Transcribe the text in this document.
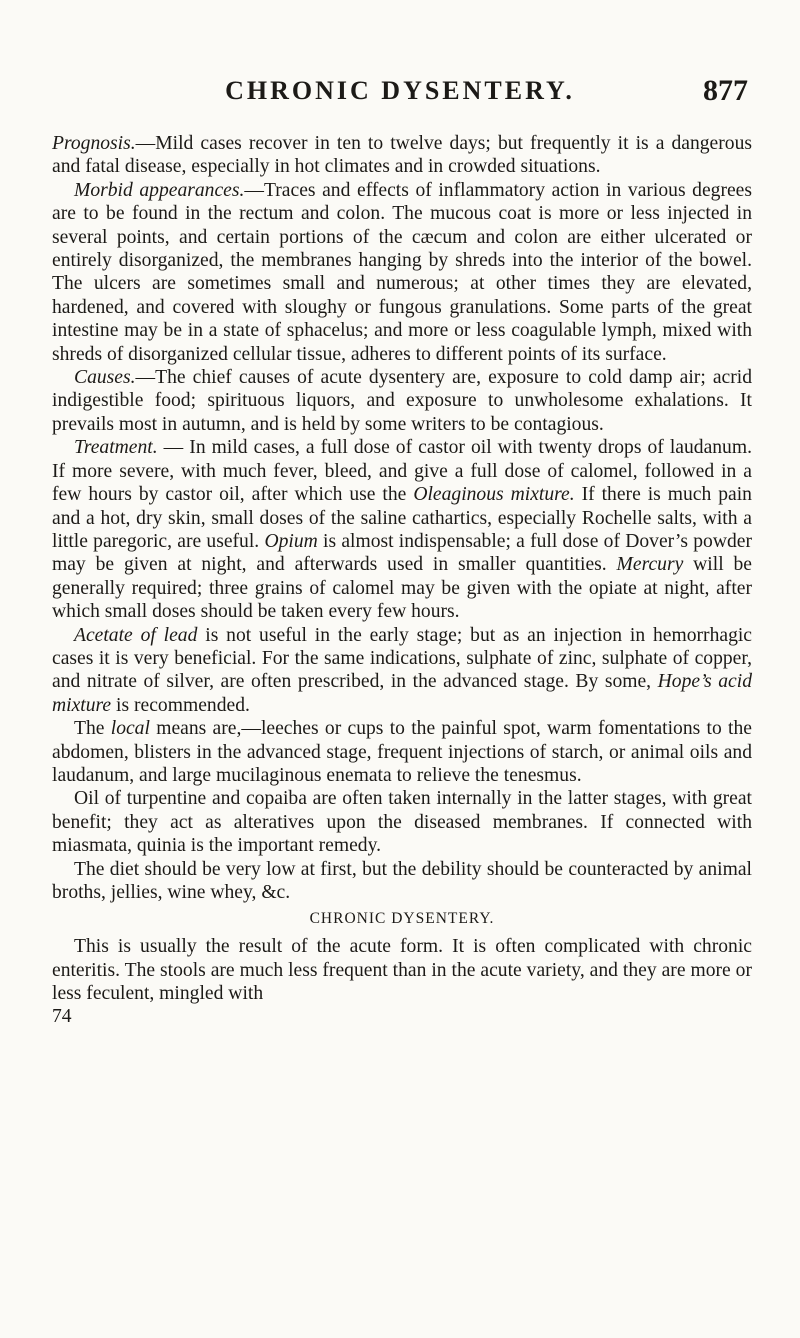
CHRONIC DYSENTERY.	877

Prognosis.—Mild cases recover in ten to twelve days; but frequently it is a dangerous and fatal disease, especially in hot climates and in crowded situations.

Morbid appearances.—Traces and effects of inflammatory action in various degrees are to be found in the rectum and colon. The mucous coat is more or less injected in several points, and certain portions of the cæcum and colon are either ulcerated or entirely disorganized, the membranes hanging by shreds into the interior of the bowel. The ulcers are sometimes small and numerous; at other times they are elevated, hardened, and covered with sloughy or fungous granulations. Some parts of the great intestine may be in a state of sphacelus; and more or less coagulable lymph, mixed with shreds of disorganized cellular tissue, adheres to different points of its surface.

Causes.—The chief causes of acute dysentery are, exposure to cold damp air; acrid indigestible food; spirituous liquors, and exposure to unwholesome exhalations. It prevails most in autumn, and is held by some writers to be contagious.

Treatment. — In mild cases, a full dose of castor oil with twenty drops of laudanum. If more severe, with much fever, bleed, and give a full dose of calomel, followed in a few hours by castor oil, after which use the Oleaginous mixture. If there is much pain and a hot, dry skin, small doses of the saline cathartics, especially Rochelle salts, with a little paregoric, are useful. Opium is almost indispensable; a full dose of Dover’s powder may be given at night, and afterwards used in smaller quantities. Mercury will be generally required; three grains of calomel may be given with the opiate at night, after which small doses should be taken every few hours.

Acetate of lead is not useful in the early stage; but as an injection in hemorrhagic cases it is very beneficial. For the same indications, sulphate of zinc, sulphate of copper, and nitrate of silver, are often prescribed, in the advanced stage. By some, Hope’s acid mixture is recommended.

The local means are,—leeches or cups to the painful spot, warm fomentations to the abdomen, blisters in the advanced stage, frequent injections of starch, or animal oils and laudanum, and large mucilaginous enemata to relieve the tenesmus.

Oil of turpentine and copaiba are often taken internally in the latter stages, with great benefit; they act as alteratives upon the diseased membranes. If connected with miasmata, quinia is the important remedy.

The diet should be very low at first, but the debility should be counteracted by animal broths, jellies, wine whey, &c.

CHRONIC DYSENTERY.

This is usually the result of the acute form. It is often complicated with chronic enteritis. The stools are much less frequent than in the acute variety, and they are more or less feculent, mingled with

74
